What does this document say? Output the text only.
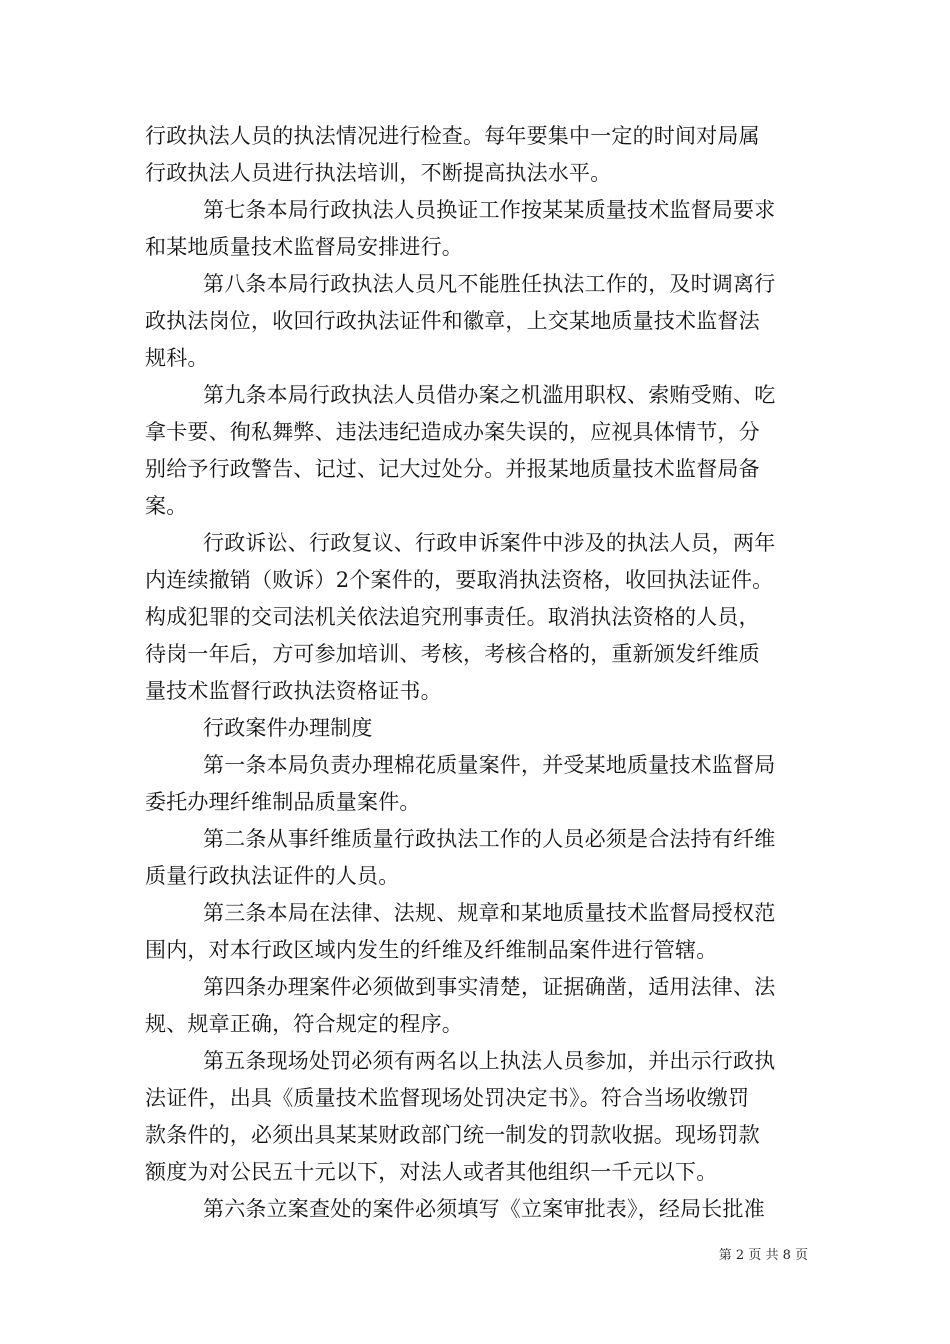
行政执法人员的执法情况进行检查。每年要集中一定的时间对局属
行政执法人员进行执法培训，不断提高执法水平。
第七条本局行政执法人员换证工作按某某质量技术监督局要求
和某地质量技术监督局安排进行。
第八条本局行政执法人员凡不能胜任执法工作的，及时调离行
政执法岗位，收回行政执法证件和徽章，上交某地质量技术监督法
规科。
第九条本局行政执法人员借办案之机滥用职权、索贿受贿、吃
拿卡要、徇私舞弊、违法违纪造成办案失误的，应视具体情节，分
别给予行政警告、记过、记大过处分。并报某地质量技术监督局备
案。
行政诉讼、行政复议、行政申诉案件中涉及的执法人员，两年
内连续撤销（败诉）2个案件的，要取消执法资格，收回执法证件。
构成犯罪的交司法机关依法追究刑事责任。取消执法资格的人员，
待岗一年后，方可参加培训、考核，考核合格的，重新颁发纤维质
量技术监督行政执法资格证书。
行政案件办理制度
第一条本局负责办理棉花质量案件，并受某地质量技术监督局
委托办理纤维制品质量案件。
第二条从事纤维质量行政执法工作的人员必须是合法持有纤维
质量行政执法证件的人员。
第三条本局在法律、法规、规章和某地质量技术监督局授权范
围内，对本行政区域内发生的纤维及纤维制品案件进行管辖。
第四条办理案件必须做到事实清楚，证据确凿，适用法律、法
规、规章正确，符合规定的程序。
第五条现场处罚必须有两名以上执法人员参加，并出示行政执
法证件，出具《质量技术监督现场处罚决定书》。符合当场收缴罚
款条件的，必须出具某某财政部门统一制发的罚款收据。现场罚款
额度为对公民五十元以下，对法人或者其他组织一千元以下。
第六条立案查处的案件必须填写《立案审批表》，经局长批准
第 2 页 共 8 页
